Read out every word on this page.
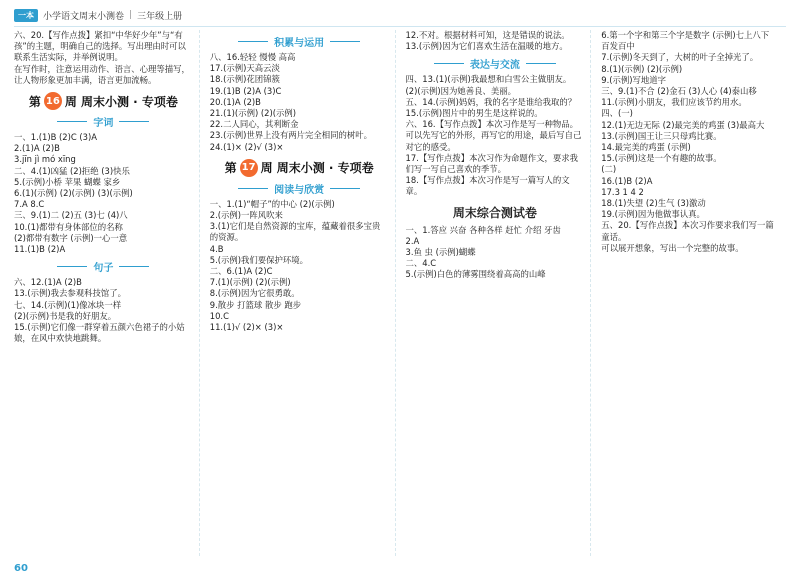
一本	小学语文周末小测卷 | 三年级上册

六、20.【写作点拨】紧扣“中华好少年”与“有孩”的主题，明确自己的选择。写出理由时可以联系生活实际，并举例说明。

在写作时，注意运用动作、语言、心理等描写，让人物形象更加丰满，语言更加流畅。

第 16 周 周末小测 · 专项卷
字词

一、1.(1)B (2)C (3)A

2.(1)A (2)B

3.jīn jì mó xīng

二、4.(1)凶猛 (2)拒绝 (3)快乐

5.(示例)小桥 苹果 蝴蝶 家乡

6.(1)(示例) (2)(示例) (3)(示例)

7.A 8.C

三、9.(1)二 (2)五 (3)七 (4)八

10.(1)都带有身体部位的名称

(2)都带有数字 (示例)一心一意

11.(1)B (2)A

句子

六、12.(1)A (2)B

13.(示例)我去参观科技馆了。

七、14.(示例)(1)像冰块一样

(2)(示例)书是我的好朋友。

15.(示例)它们像一群穿着五颜六色裙子的小姑娘，在风中欢快地跳舞。

积累与运用

八、16.轻轻 慢慢 高高

17.(示例)天高云淡

18.(示例)花团锦簇

19.(1)B (2)A (3)C

20.(1)A (2)B

21.(1)(示例) (2)(示例)

22.二人同心，其利断金

23.(示例)世界上没有两片完全相同的树叶。

24.(1)× (2)√ (3)×

第 17 周 周末小测 · 专项卷
阅读与欣赏

一、1.(1)“帽子”的中心 (2)(示例)

2.(示例)一阵风吹来

3.(1)它们是自然资源的宝库，蕴藏着很多宝贵的资源。

4.B

5.(示例)我们要保护环境。

二、6.(1)A (2)C

7.(1)(示例) (2)(示例)

8.(示例)因为它很勇敢。

9.散步 打篮球 散步 跑步

10.C

11.(1)√ (2)× (3)×

12.不对。根据材料可知，这是错误的说法。

13.(示例)因为它们喜欢生活在温暖的地方。

表达与交流

四、13.(1)(示例)我最想和白雪公主做朋友。

(2)(示例)因为她善良、美丽。

五、14.(示例)妈妈，我的名字是谁给我取的？

15.(示例)图片中的男生是这样说的。

六、16.【写作点拨】本次习作是写一种物品。

可以先写它的外形，再写它的用途，最后写自己对它的感受。

17.【写作点拨】本次习作为命题作文，要求我们写一写自己喜欢的季节。

18.【写作点拨】本次习作是写一篇写人的文章。

周末综合测试卷

一、1.答应 兴奋 各种各样 赶忙 介绍 牙齿

2.A

3.鱼 虫 (示例)蝴蝶

二、4.C

5.(示例)白色的薄雾围绕着高高的山峰

6.第一个字和第三个字是数字 (示例)七上八下 百发百中

7.(示例)冬天到了，大树的叶子全掉光了。

8.(1)(示例) (2)(示例)

9.(示例)写地道字

三、9.(1)不合 (2)金石 (3)人心 (4)泰山移

11.(示例)小朋友，我们应该节约用水。

四、(一)

12.(1)无边无际 (2)最完美的鸡蛋 (3)最高大

13.(示例)国王让三只母鸡比赛。

14.最完美的鸡蛋 (示例)

15.(示例)这是一个有趣的故事。

(二)

16.(1)B (2)A

17.3 1 4 2

18.(1)失望 (2)生气 (3)激动

19.(示例)因为他做事认真。

五、20.【写作点拨】本次习作要求我们写一篇童话。

可以展开想象，写出一个完整的故事。

60
